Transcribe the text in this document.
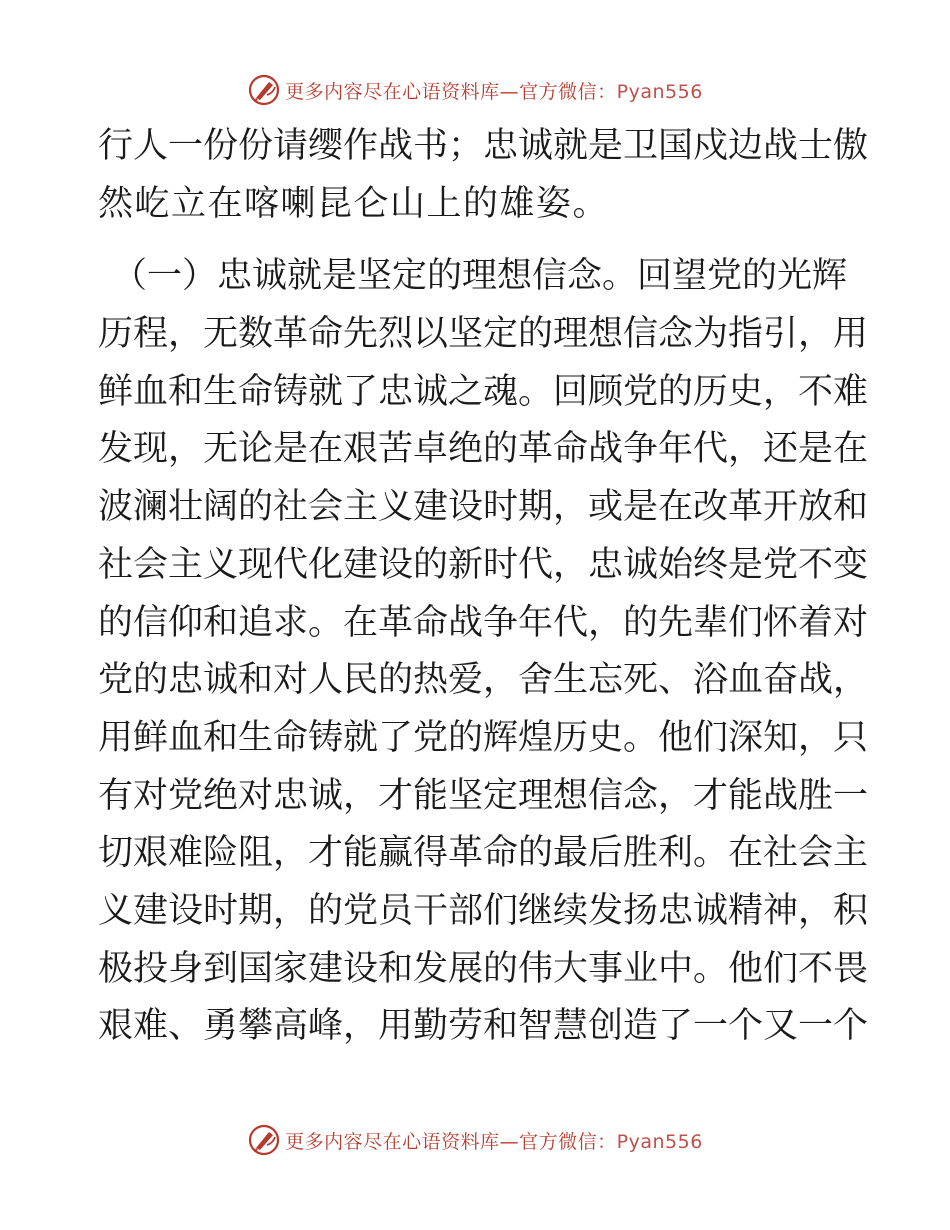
更多内容尽在心语资料库—官方微信：Pyan556
行人一份份请缨作战书；忠诚就是卫国戍边战士傲
然屹立在喀喇昆仑山上的雄姿。
（一）忠诚就是坚定的理想信念。回望党的光辉
历程，无数革命先烈以坚定的理想信念为指引，用
鲜血和生命铸就了忠诚之魂。回顾党的历史，不难
发现，无论是在艰苦卓绝的革命战争年代，还是在
波澜壮阔的社会主义建设时期，或是在改革开放和
社会主义现代化建设的新时代，忠诚始终是党不变
的信仰和追求。在革命战争年代，的先辈们怀着对
党的忠诚和对人民的热爱，舍生忘死、浴血奋战，
用鲜血和生命铸就了党的辉煌历史。他们深知，只
有对党绝对忠诚，才能坚定理想信念，才能战胜一
切艰难险阻，才能赢得革命的最后胜利。在社会主
义建设时期，的党员干部们继续发扬忠诚精神，积
极投身到国家建设和发展的伟大事业中。他们不畏
艰难、勇攀高峰，用勤劳和智慧创造了一个又一个
更多内容尽在心语资料库—官方微信：Pyan556
